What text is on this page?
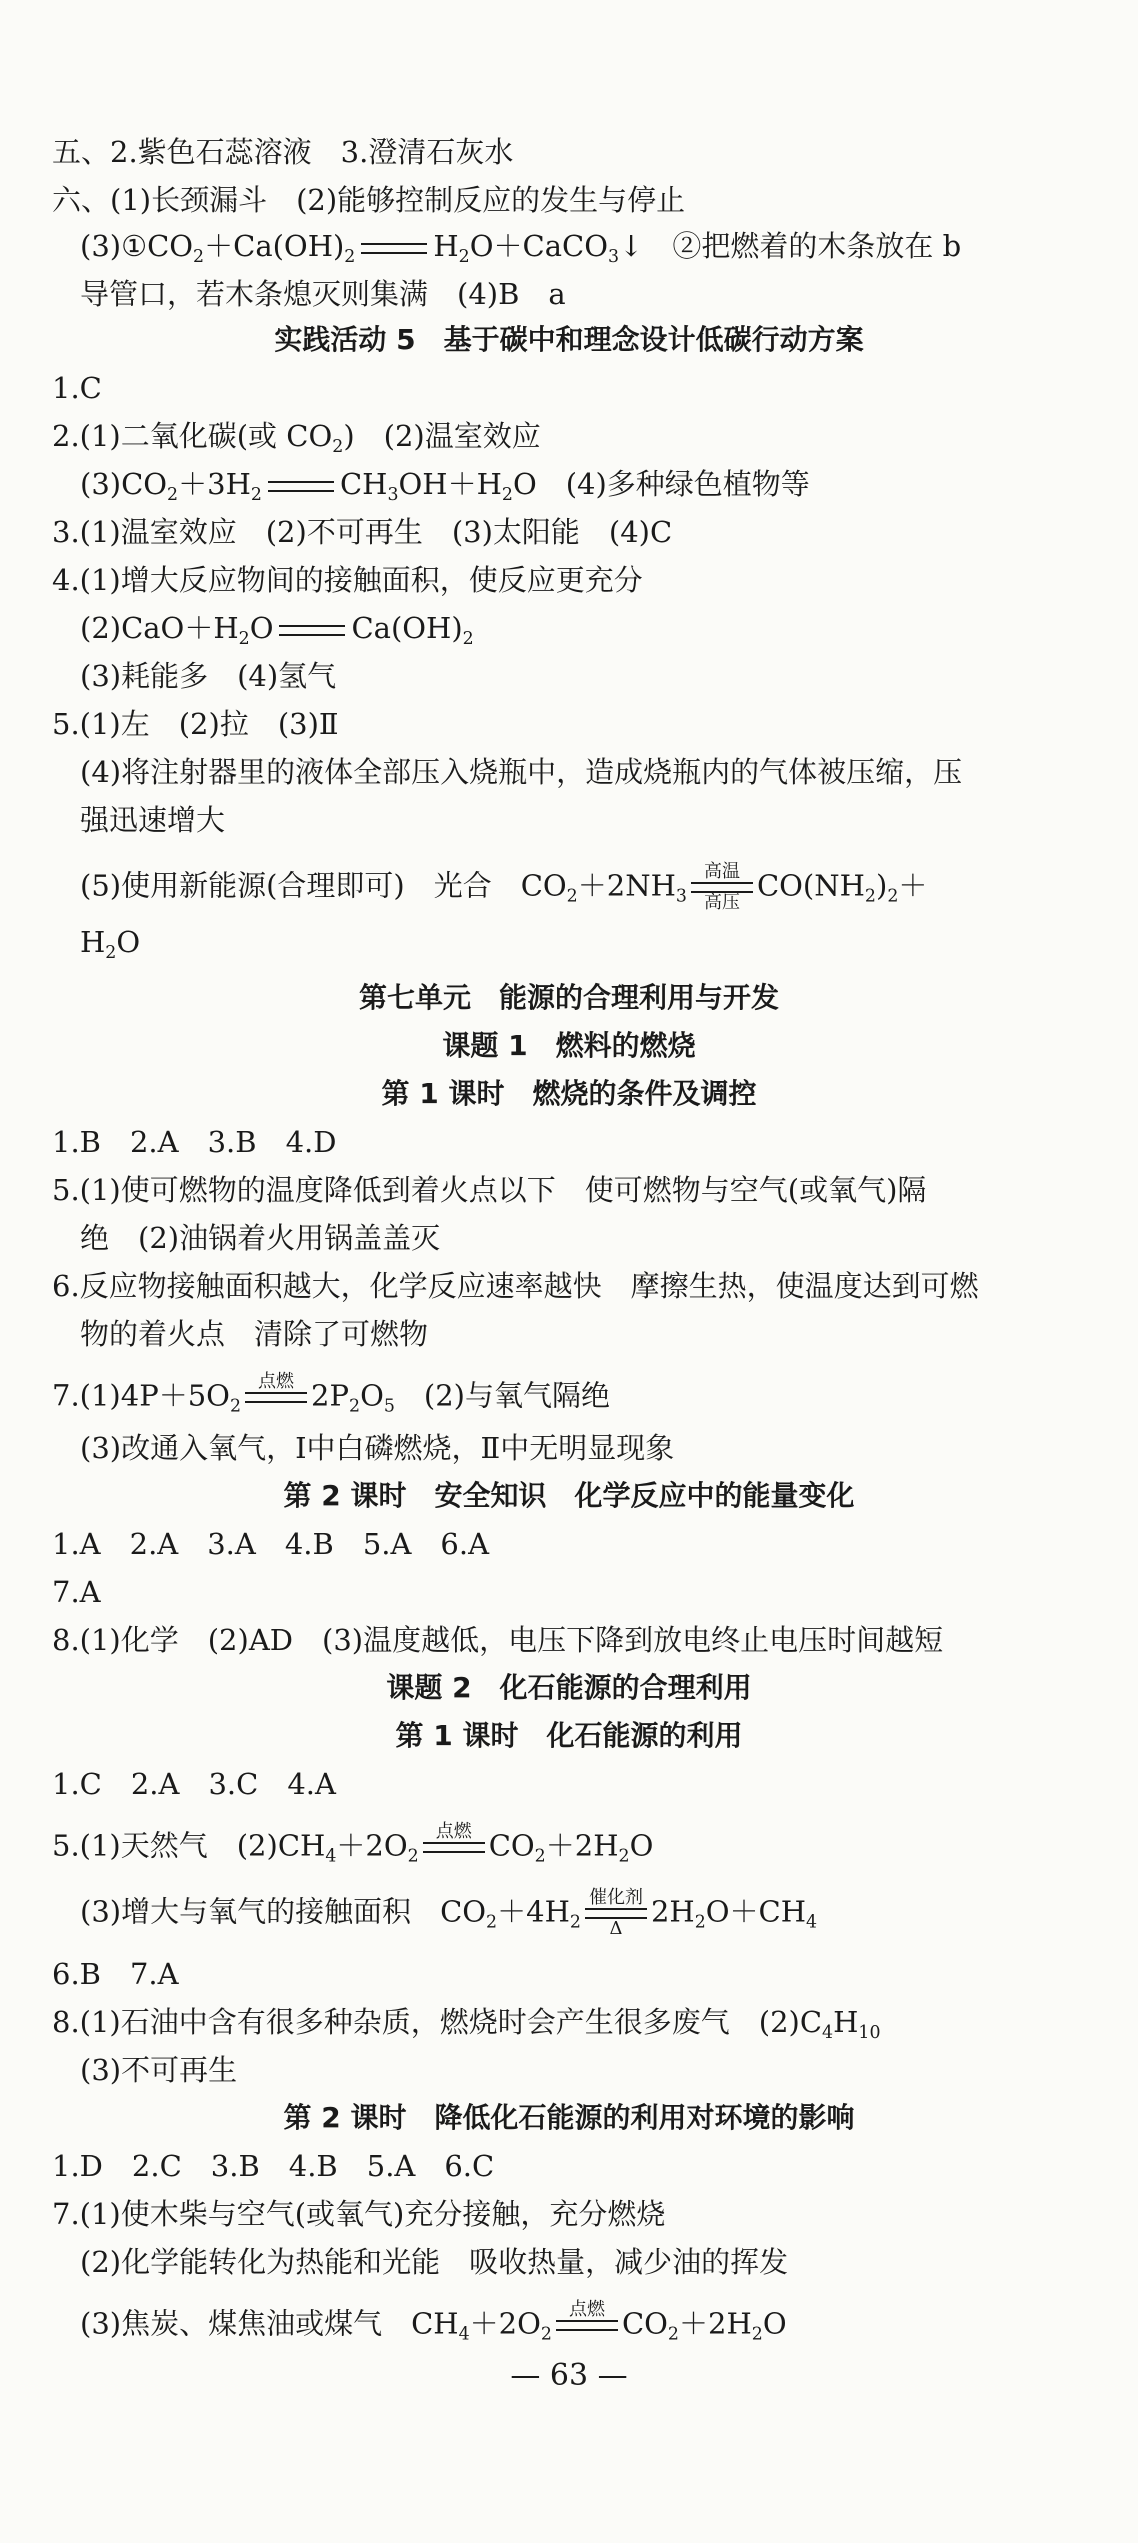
五、2.紫色石蕊溶液　3.澄清石灰水
六、(1)长颈漏斗　(2)能够控制反应的发生与停止
$(3)①CO_2+Ca(OH)_2$	$H_2O+CaCO_3↓$　②把燃着的木条放在 b
导管口，若木条熄灭则集满　(4)B　a
实践活动 5　基于碳中和理念设计低碳行动方案
1.C
2.(1)二氧化碳(或 $CO_2$)　(2)温室效应
$(3)CO_2+3H_2$	$CH_3OH+H_2O$　(4)多种绿色植物等
3.(1)温室效应　(2)不可再生　(3)太阳能　(4)C
4.(1)增大反应物间的接触面积，使反应更充分
$(2)CaO+H_2O$	$Ca(OH)_2$
(3)耗能多　(4)氢气
5.(1)左　(2)拉　(3)Ⅱ
(4)将注射器里的液体全部压入烧瓶中，造成烧瓶内的气体被压缩，压
强迅速增大
(5)使用新能源(合理即可)　光合　$CO_2+2NH_3$
高温
高压 $CO(NH_2)_2+$
$H_2O$
第七单元　能源的合理利用与开发
课题 1　燃料的燃烧
第 1 课时　燃烧的条件及调控
1.B　2.A　3.B　4.D
5.(1)使可燃物的温度降低到着火点以下　使可燃物与空气(或氧气)隔
绝　(2)油锅着火用锅盖盖灭
6.反应物接触面积越大，化学反应速率越快　摩擦生热，使温度达到可燃
物的着火点　清除了可燃物
$7.(1)4P+5O_2$
点燃 $2P_2O_5$　(2)与氧气隔绝
(3)改通入氧气，Ⅰ中白磷燃烧，Ⅱ中无明显现象
第 2 课时　安全知识　化学反应中的能量变化
1.A　2.A　3.A　4.B　5.A　6.A
7.A
8.(1)化学　(2)AD　(3)温度越低，电压下降到放电终止电压时间越短
课题 2　化石能源的合理利用
第 1 课时　化石能源的利用
1.C　2.A　3.C　4.A
5.(1)天然气　$(2)CH_4+2O_2$
点燃 $CO_2+2H_2O$
(3)增大与氧气的接触面积　$CO_2+4H_2$
催化剂
Δ $2H_2O+CH_4$
6.B　7.A
8.(1)石油中含有很多种杂质，燃烧时会产生很多废气　$(2)C_4H_{10}$
(3)不可再生
第 2 课时　降低化石能源的利用对环境的影响
1.D　2.C　3.B　4.B　5.A　6.C
7.(1)使木柴与空气(或氧气)充分接触，充分燃烧
(2)化学能转化为热能和光能　吸收热量，减少油的挥发
(3)焦炭、煤焦油或煤气　$CH_4+2O_2$
点燃 $CO_2+2H_2O$
— 63 —
